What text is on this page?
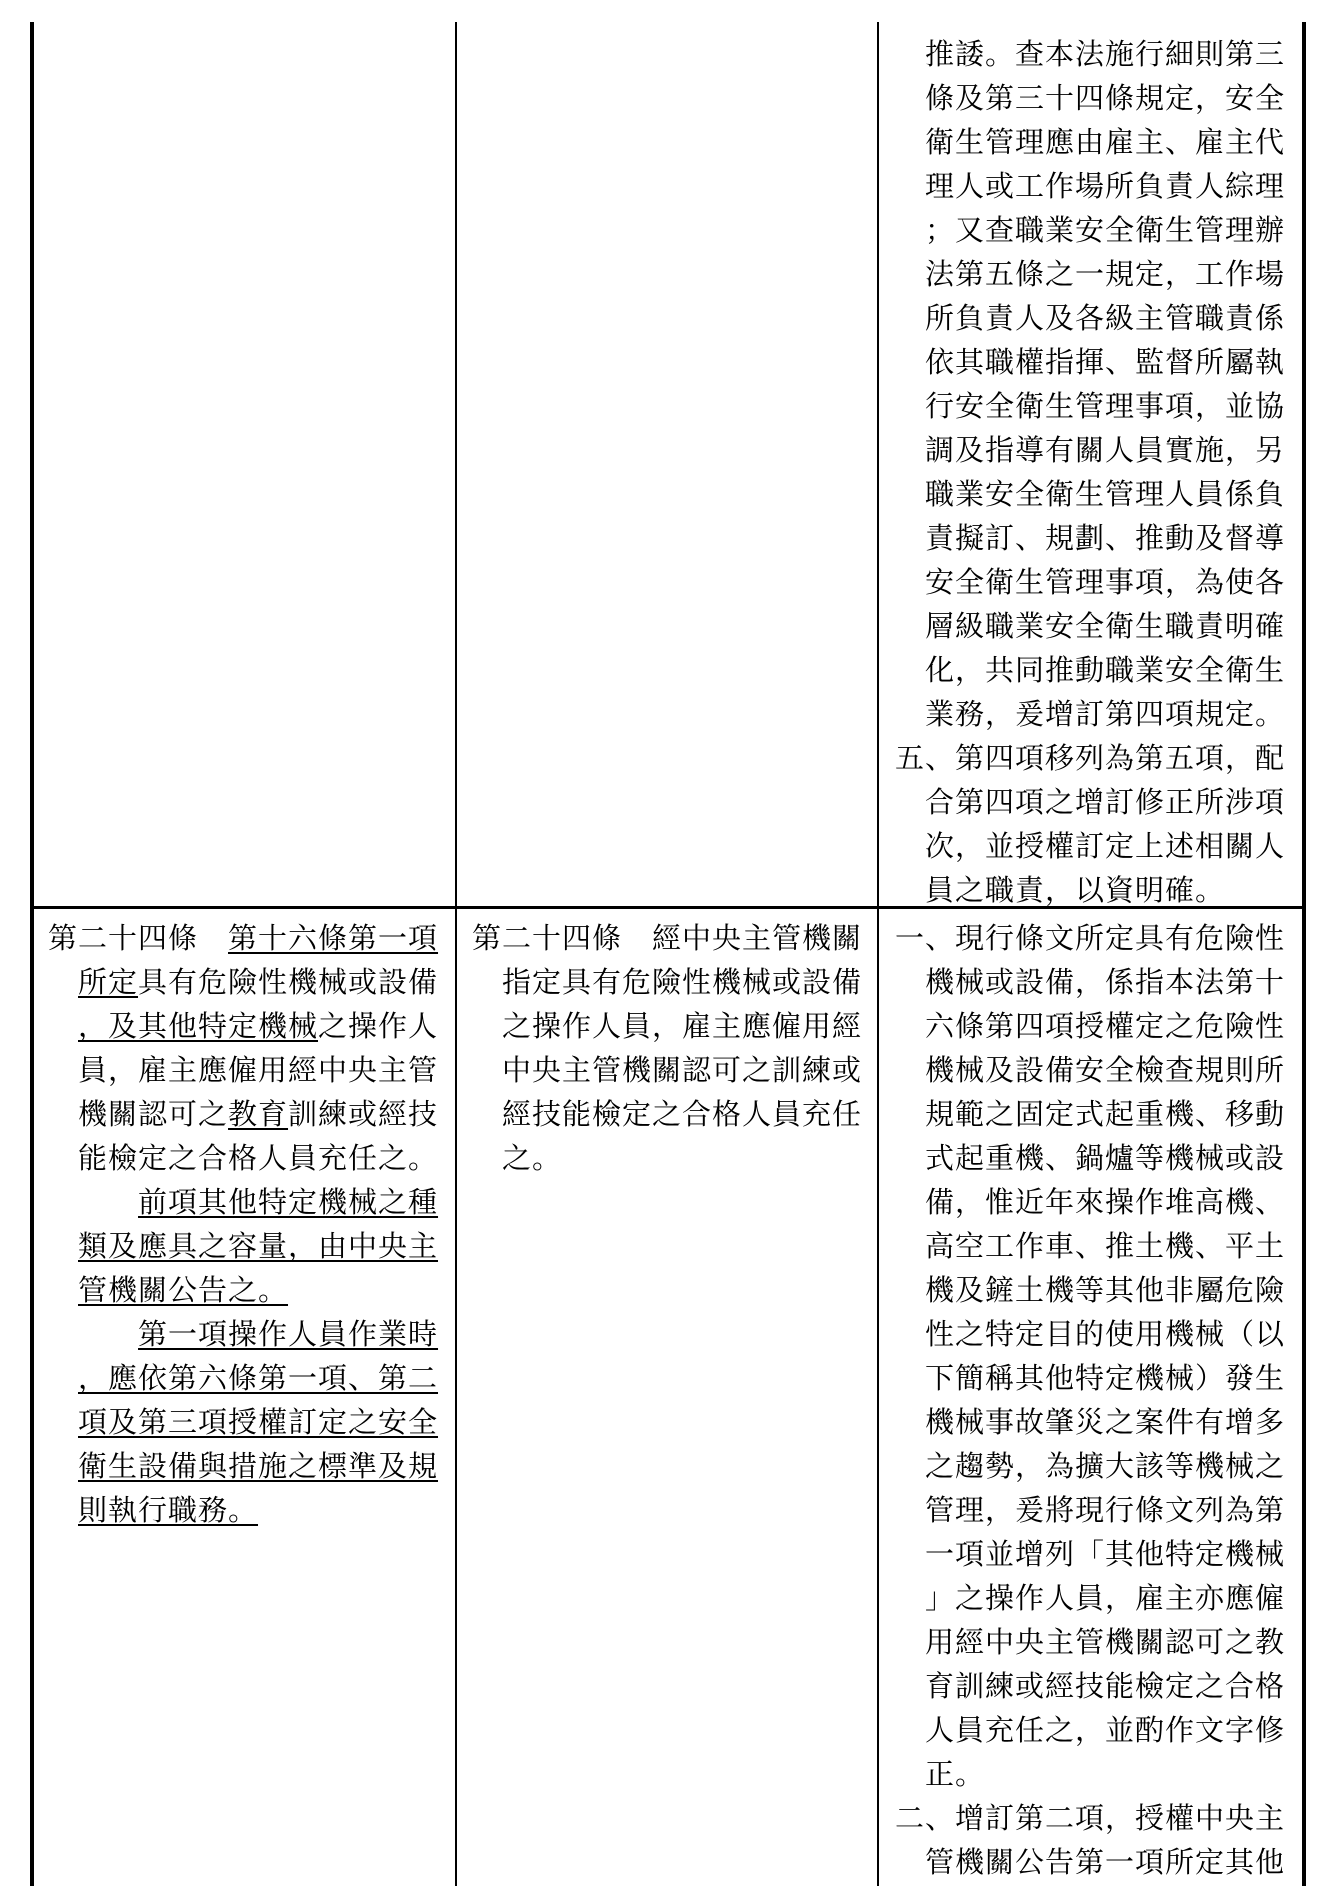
推諉。查本法施行細則第三
條及第三十四條規定，安全
衛生管理應由雇主、雇主代
理人或工作場所負責人綜理
；又查職業安全衛生管理辦
法第五條之一規定，工作場
所負責人及各級主管職責係
依其職權指揮、監督所屬執
行安全衛生管理事項，並協
調及指導有關人員實施，另
職業安全衛生管理人員係負
責擬訂、規劃、推動及督導
安全衛生管理事項，為使各
層級職業安全衛生職責明確
化，共同推動職業安全衛生
業務，爰增訂第四項規定。
五、第四項移列為第五項，配
合第四項之增訂修正所涉項
次，並授權訂定上述相關人
員之職責，以資明確。
第二十四條　第十六條第一項
所定具有危險性機械或設備
，及其他特定機械之操作人
員，雇主應僱用經中央主管
機關認可之教育訓練或經技
能檢定之合格人員充任之。
　　前項其他特定機械之種
類及應具之容量，由中央主
管機關公告之。
　　第一項操作人員作業時
，應依第六條第一項、第二
項及第三項授權訂定之安全
衛生設備與措施之標準及規
則執行職務。
第二十四條　經中央主管機關
指定具有危險性機械或設備
之操作人員，雇主應僱用經
中央主管機關認可之訓練或
經技能檢定之合格人員充任
之。
一、現行條文所定具有危險性
機械或設備，係指本法第十
六條第四項授權定之危險性
機械及設備安全檢查規則所
規範之固定式起重機、移動
式起重機、鍋爐等機械或設
備，惟近年來操作堆高機、
高空工作車、推土機、平土
機及鏟土機等其他非屬危險
性之特定目的使用機械（以
下簡稱其他特定機械）發生
機械事故肇災之案件有增多
之趨勢，為擴大該等機械之
管理，爰將現行條文列為第
一項並增列「其他特定機械
」之操作人員，雇主亦應僱
用經中央主管機關認可之教
育訓練或經技能檢定之合格
人員充任之，並酌作文字修
正。
二、增訂第二項，授權中央主
管機關公告第一項所定其他
